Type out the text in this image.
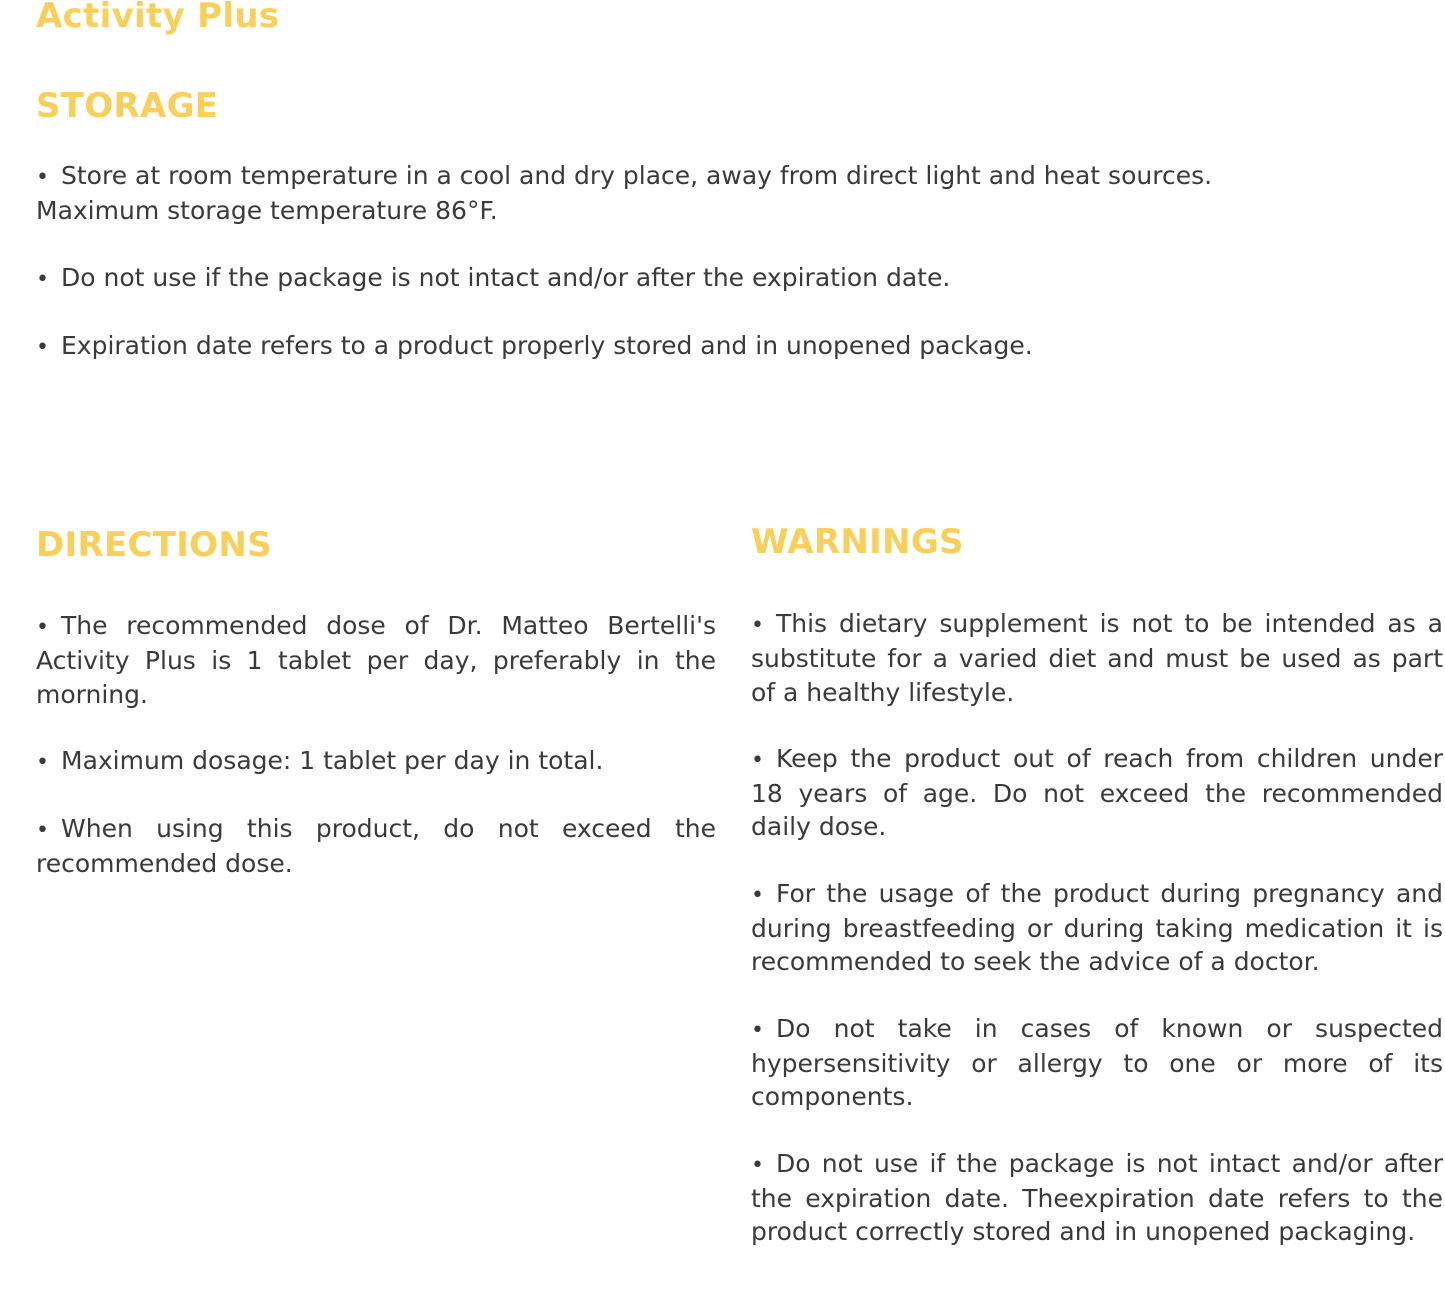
Activity Plus
STORAGE
• Store at room temperature in a cool and dry place, away from direct light and heat sources. Maximum storage temperature 86°F.
• Do not use if the package is not intact and/or after the expiration date.
• Expiration date refers to a product properly stored and in unopened package.
DIRECTIONS
• The recommended dose of Dr. Matteo Bertelli's Activity Plus is 1 tablet per day, preferably in the morning.
• Maximum dosage: 1 tablet per day in total.
• When using this product, do not exceed the recommended dose.
WARNINGS
• This dietary supplement is not to be intended as a substitute for a varied diet and must be used as part of a healthy lifestyle.
• Keep the product out of reach from children under 18 years of age. Do not exceed the recommended daily dose.
• For the usage of the product during pregnancy and during breastfeeding or during taking medication it is recommended to seek the advice of a doctor.
• Do not take in cases of known or suspected hypersensitivity or allergy to one or more of its components.
• Do not use if the package is not intact and/or after the expiration date. Theexpiration date refers to the product correctly stored and in unopened packaging.
